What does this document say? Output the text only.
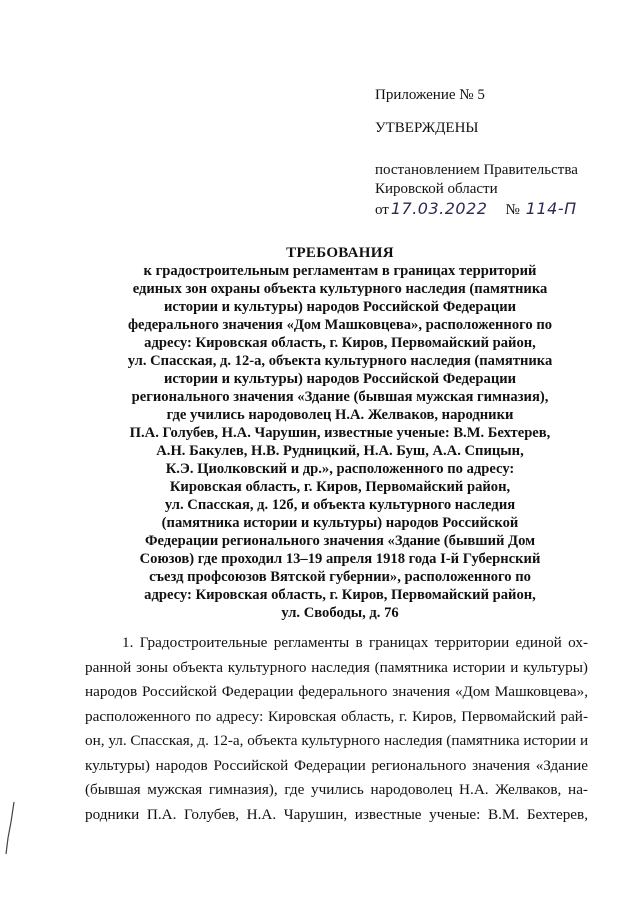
Приложение № 5
УТВЕРЖДЕНЫ
постановлением Правительства
Кировской области
от 17.03.2022 № 114-П
ТРЕБОВАНИЯ
к градостроительным регламентам в границах территорий
единых зон охраны объекта культурного наследия (памятника
истории и культуры) народов Российской Федерации
федерального значения «Дом Машковцева», расположенного по
адресу: Кировская область, г. Киров, Первомайский район,
ул. Спасская, д. 12-а, объекта культурного наследия (памятника
истории и культуры) народов Российской Федерации
регионального значения «Здание (бывшая мужская гимназия),
где учились народоволец Н.А. Желваков, народники
П.А. Голубев, Н.А. Чарушин, известные ученые: В.М. Бехтерев,
А.Н. Бакулев, Н.В. Рудницкий, Н.А. Буш, А.А. Спицын,
К.Э. Циолковский и др.», расположенного по адресу:
Кировская область, г. Киров, Первомайский район,
ул. Спасская, д. 12б, и объекта культурного наследия
(памятника истории и культуры) народов Российской
Федерации регионального значения «Здание (бывший Дом
Союзов) где проходил 13–19 апреля 1918 года I-й Губернский
съезд профсоюзов Вятской губернии», расположенного по
адресу: Кировская область, г. Киров, Первомайский район,
ул. Свободы, д. 76
1. Градостроительные регламенты в границах территории единой ох-
ранной зоны объекта культурного наследия (памятника истории и культуры)
народов Российской Федерации федерального значения «Дом Машковцева»,
расположенного по адресу: Кировская область, г. Киров, Первомайский рай-
он, ул. Спасская, д. 12-а, объекта культурного наследия (памятника истории и
культуры) народов Российской Федерации регионального значения «Здание
(бывшая мужская гимназия), где учились народоволец Н.А. Желваков, на-
родники П.А. Голубев, Н.А. Чарушин, известные ученые: В.М. Бехтерев,
